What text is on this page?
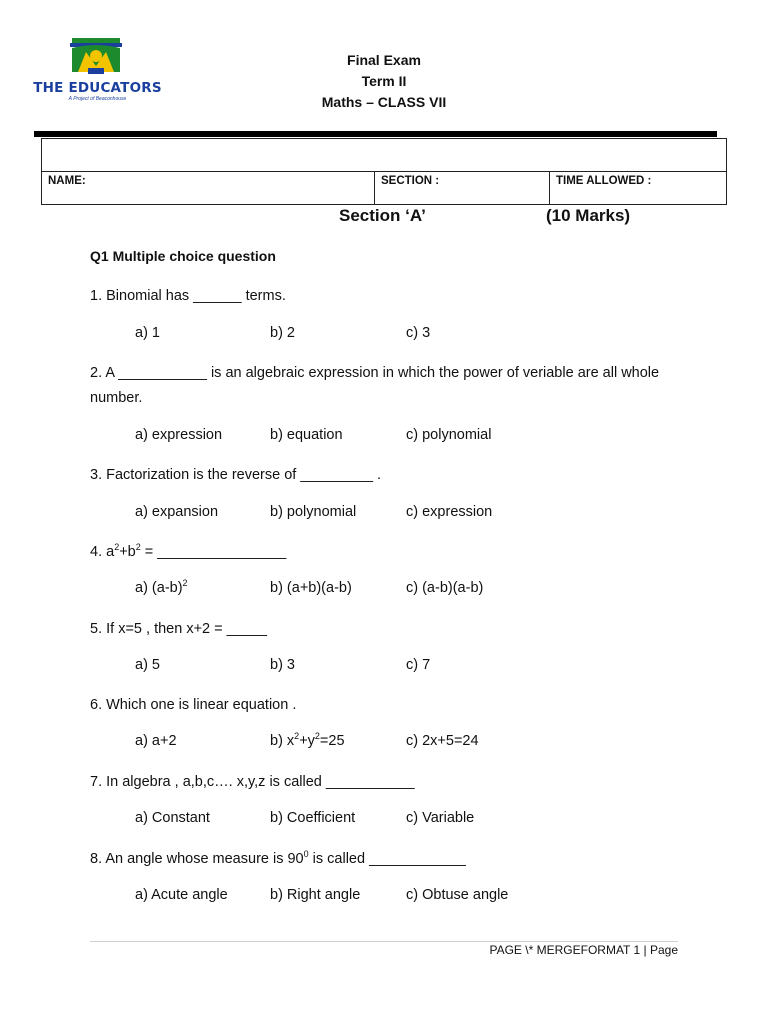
THE EDUCATORS
A Project of Beaconhouse
Final Exam
Term II
Maths – CLASS VII

NAME:	SECTION :	TIME ALLOWED :
Section ‘A’	(10 Marks)
Q1 Multiple choice question
1. Binomial has ______ terms.
a) 1	b) 2	c) 3
2. A ___________ is an algebraic expression in which the power of veriable are all whole number.
a) expression	b) equation	c) polynomial
3. Factorization is the reverse of _________ .
a) expansion	b) polynomial	c) expression
4. $a^2+b^2$ = ________________
a) $(a-b)^2$	b) (a+b)(a-b)	c) (a-b)(a-b)
5. If x=5 , then x+2 = _____
a) 5	b) 3	c) 7
6. Which one is linear equation .
a) a+2	b) $x^2+y^2=25$	c) 2x+5=24
7. In algebra , a,b,c…. x,y,z is called ___________
a) Constant	b) Coefficient	c) Variable
8. An angle whose measure is $90^0$ is called ____________
a) Acute angle	b) Right angle	c) Obtuse angle
PAGE \* MERGEFORMAT 1 | Page
